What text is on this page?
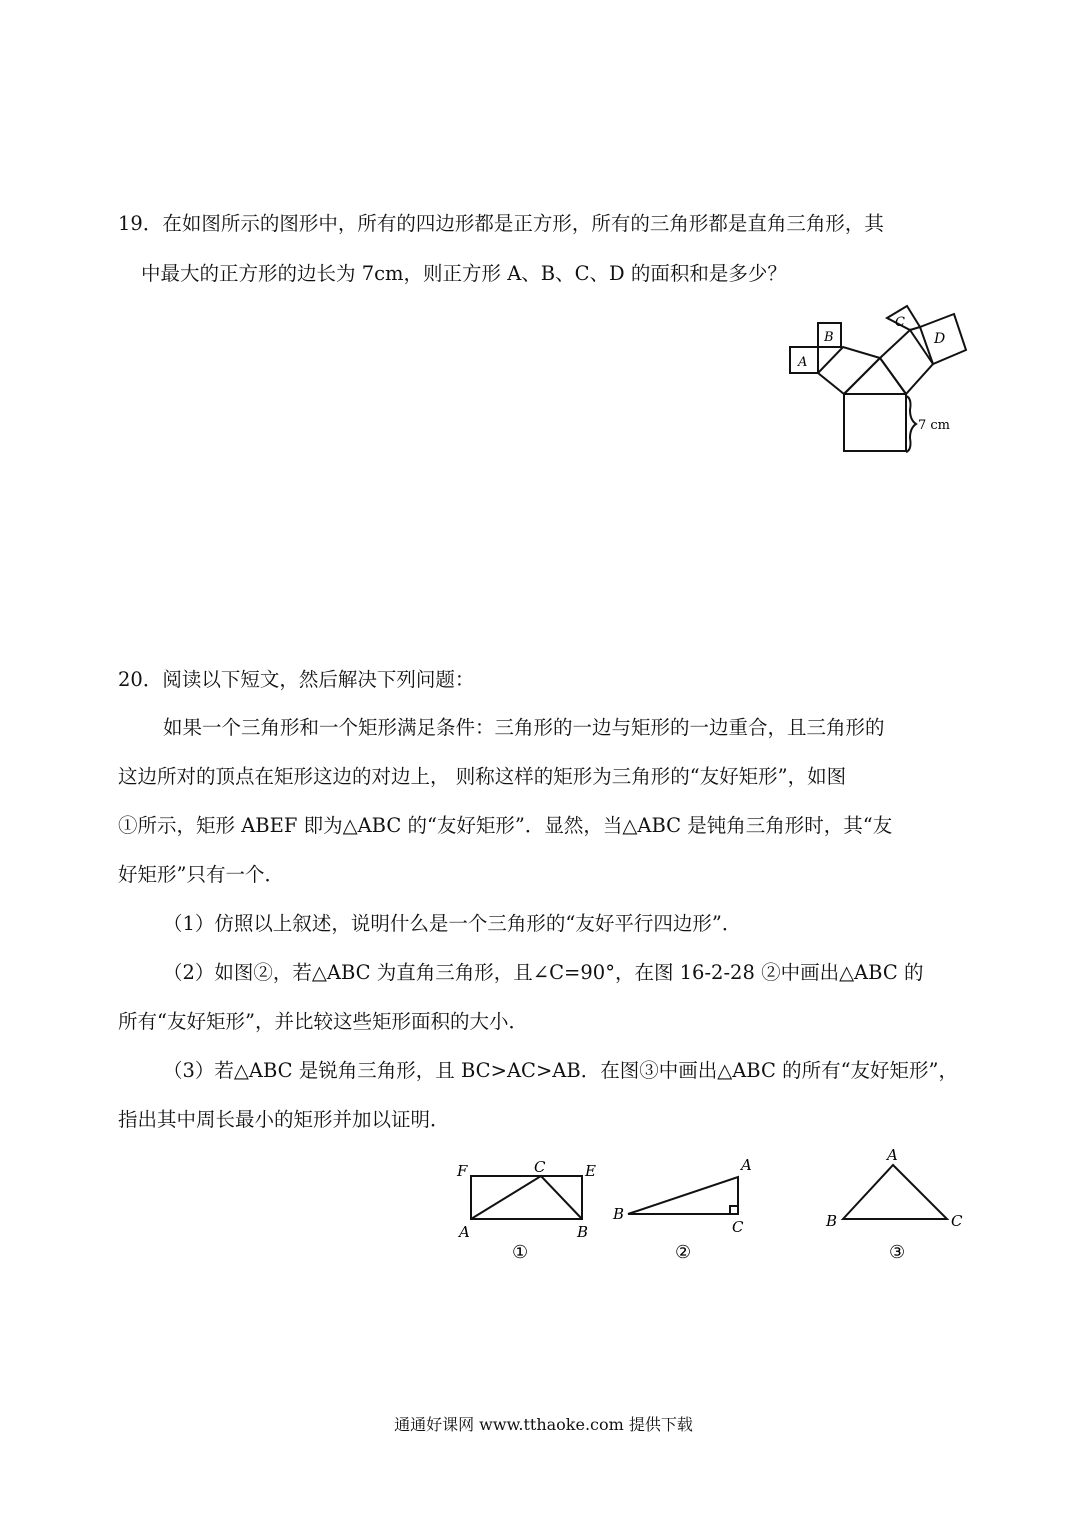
19．在如图所示的图形中，所有的四边形都是正方形，所有的三角形都是直角三角形，其
中最大的正方形的边长为 7cm，则正方形 A、B、C、D 的面积和是多少？
A
B
C
D
7 cm
20．阅读以下短文，然后解决下列问题：
如果一个三角形和一个矩形满足条件：三角形的一边与矩形的一边重合，且三角形的
这边所对的顶点在矩形这边的对边上， 则称这样的矩形为三角形的“友好矩形”，如图
①所示，矩形 ABEF 即为△ABC 的“友好矩形”．显然，当△ABC 是钝角三角形时，其“友
好矩形”只有一个．
（1）仿照以上叙述，说明什么是一个三角形的“友好平行四边形”．
（2）如图②，若△ABC 为直角三角形，且∠C=90°，在图 16-2-28 ②中画出△ABC 的
所有“友好矩形”，并比较这些矩形面积的大小．
（3）若△ABC 是锐角三角形，且 BC>AC>AB．在图③中画出△ABC 的所有“友好矩形”，
指出其中周长最小的矩形并加以证明．
F	C	E
A	B
①
A
B
C
②
A
B	C
③
通通好课网 www.tthaoke.com 提供下载
